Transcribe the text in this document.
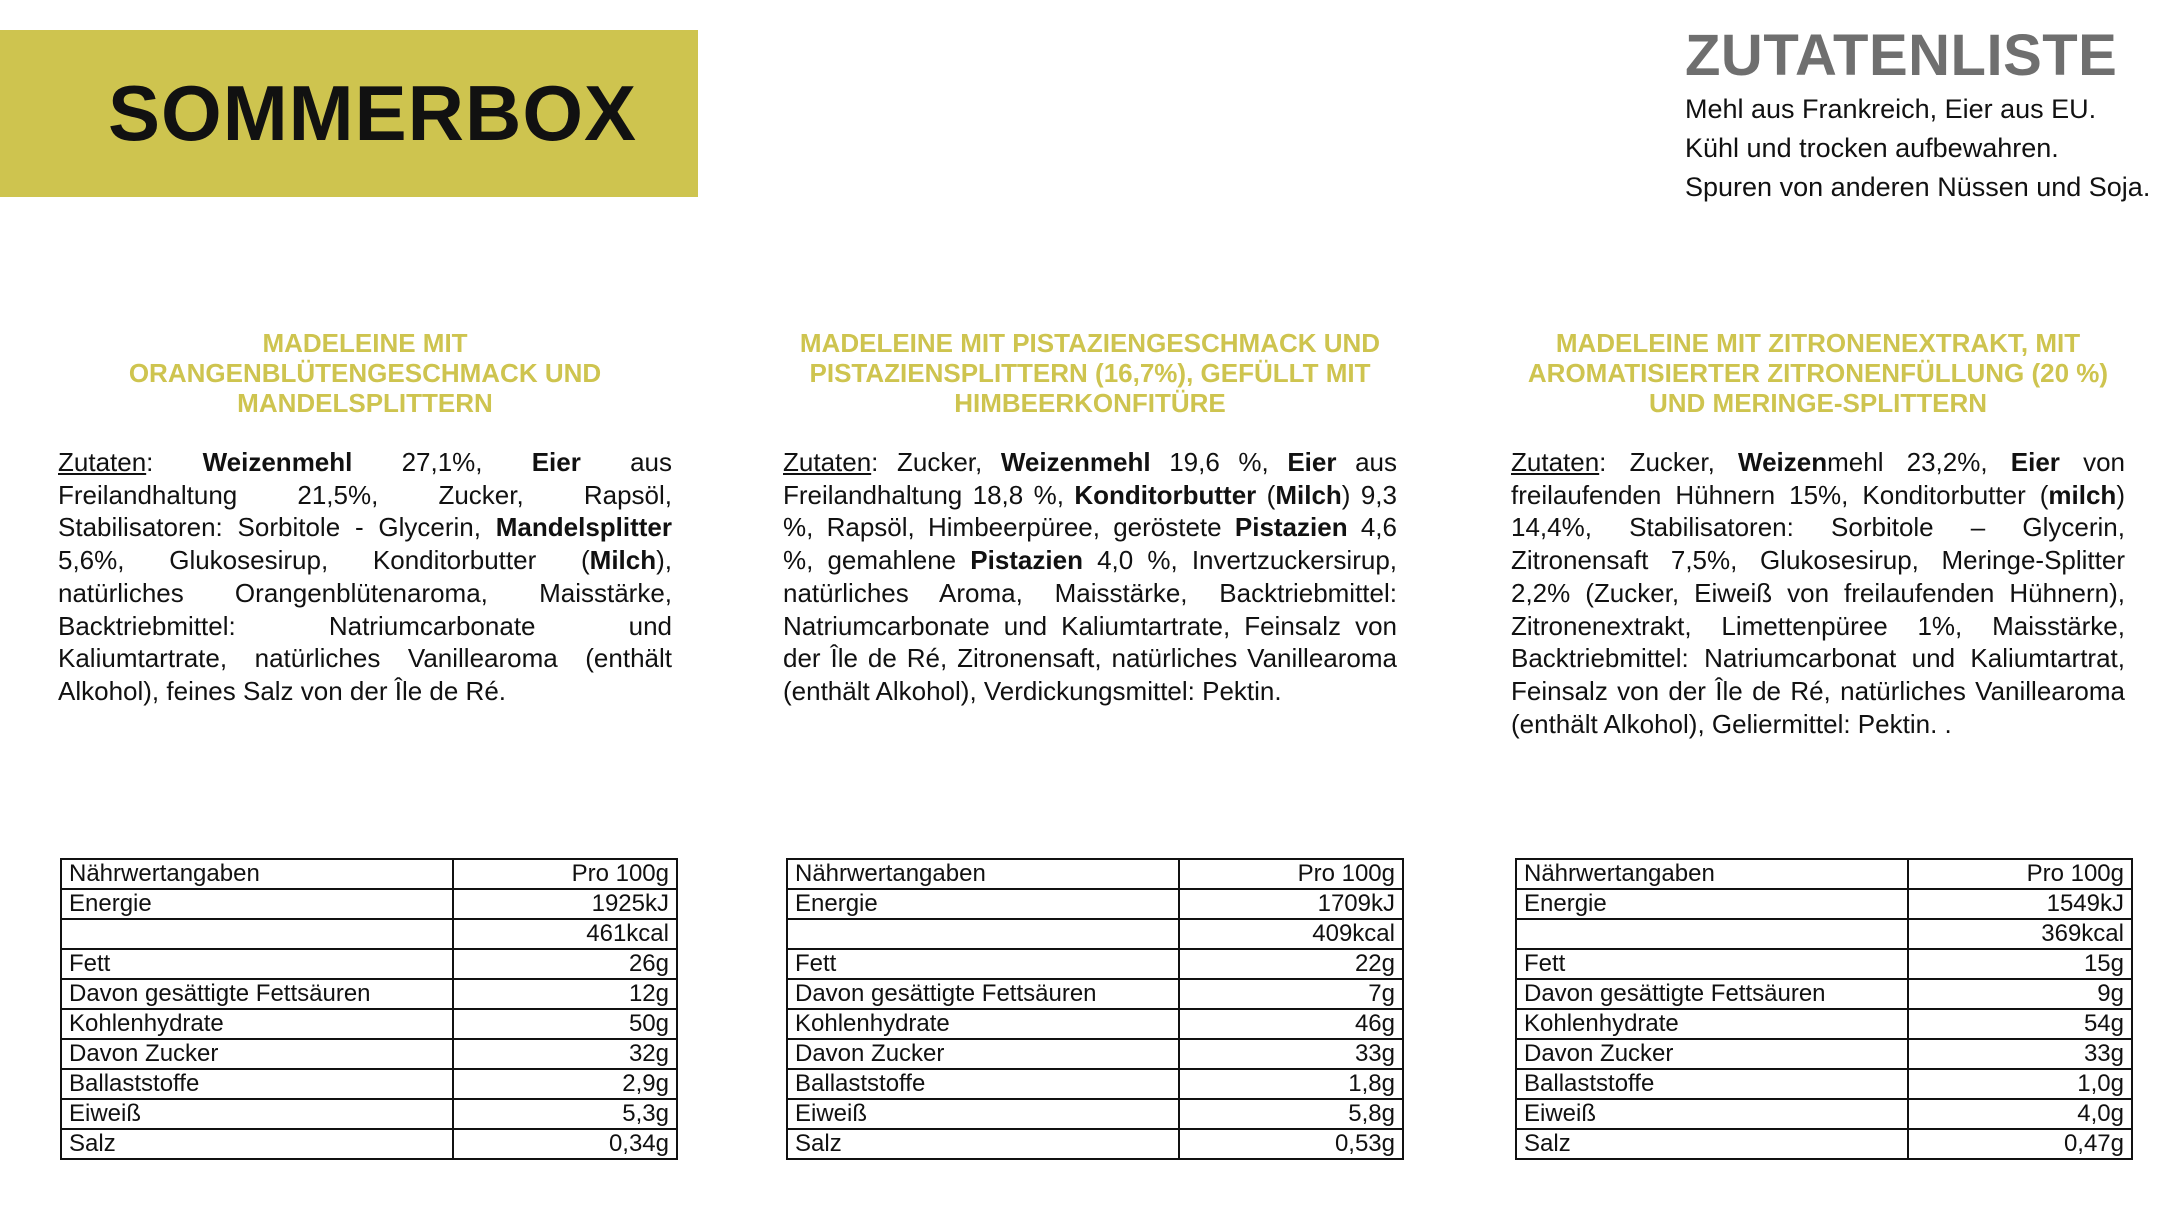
SOMMERBOX
ZUTATENLISTE
Mehl aus Frankreich, Eier aus EU.
Kühl und trocken aufbewahren.
Spuren von anderen Nüssen und Soja.
MADELEINE MIT ORANGENBLÜTENGESCHMACK UND MANDELSPLITTERN
Zutaten: Weizenmehl 27,1%, Eier aus Freilandhaltung 21,5%, Zucker, Rapsöl, Stabilisatoren: Sorbitole - Glycerin, Mandelsplitter 5,6%, Glukosesirup, Konditorbutter (Milch), natürliches Orangenblütenaroma, Maisstärke, Backtriebmittel: Natriumcarbonate und Kaliumtartrate, natürliches Vanillearoma (enthält Alkohol), feines Salz von der Île de Ré.
Nährwertangaben	Pro 100g
Energie	1925kJ
	461kcal
Fett	26g
Davon gesättigte Fettsäuren	12g
Kohlenhydrate	50g
Davon Zucker	32g
Ballaststoffe	2,9g
Eiweiß	5,3g
Salz	0,34g
MADELEINE MIT PISTAZIENGESCHMACK UND PISTAZIENSPLITTERN (16,7%), GEFÜLLT MIT HIMBEERKONFITÜRE
Zutaten: Zucker, Weizenmehl 19,6 %, Eier aus Freilandhaltung 18,8 %, Konditorbutter (Milch) 9,3 %, Rapsöl, Himbeerpüree, geröstete Pistazien 4,6 %, gemahlene Pistazien 4,0 %, Invertzuckersirup, natürliches Aroma, Maisstärke, Backtriebmittel: Natriumcarbonate und Kaliumtartrate, Feinsalz von der Île de Ré, Zitronensaft, natürliches Vanillearoma (enthält Alkohol), Verdickungsmittel: Pektin.
Nährwertangaben	Pro 100g
Energie	1709kJ
	409kcal
Fett	22g
Davon gesättigte Fettsäuren	7g
Kohlenhydrate	46g
Davon Zucker	33g
Ballaststoffe	1,8g
Eiweiß	5,8g
Salz	0,53g
MADELEINE MIT ZITRONENEXTRAKT, MIT AROMATISIERTER ZITRONENFÜLLUNG (20 %) UND MERINGE-SPLITTERN
Zutaten: Zucker, Weizenmehl 23,2%, Eier von freilaufenden Hühnern 15%, Konditorbutter (milch) 14,4%, Stabilisatoren: Sorbitole – Glycerin, Zitronensaft 7,5%, Glukosesirup, Meringe-Splitter 2,2% (Zucker, Eiweiß von freilaufenden Hühnern), Zitronenextrakt, Limettenpüree 1%, Maisstärke, Backtriebmittel: Natriumcarbonat und Kaliumtartrat, Feinsalz von der Île de Ré, natürliches Vanillearoma (enthält Alkohol), Geliermittel: Pektin. .
Nährwertangaben	Pro 100g
Energie	1549kJ
	369kcal
Fett	15g
Davon gesättigte Fettsäuren	9g
Kohlenhydrate	54g
Davon Zucker	33g
Ballaststoffe	1,0g
Eiweiß	4,0g
Salz	0,47g
